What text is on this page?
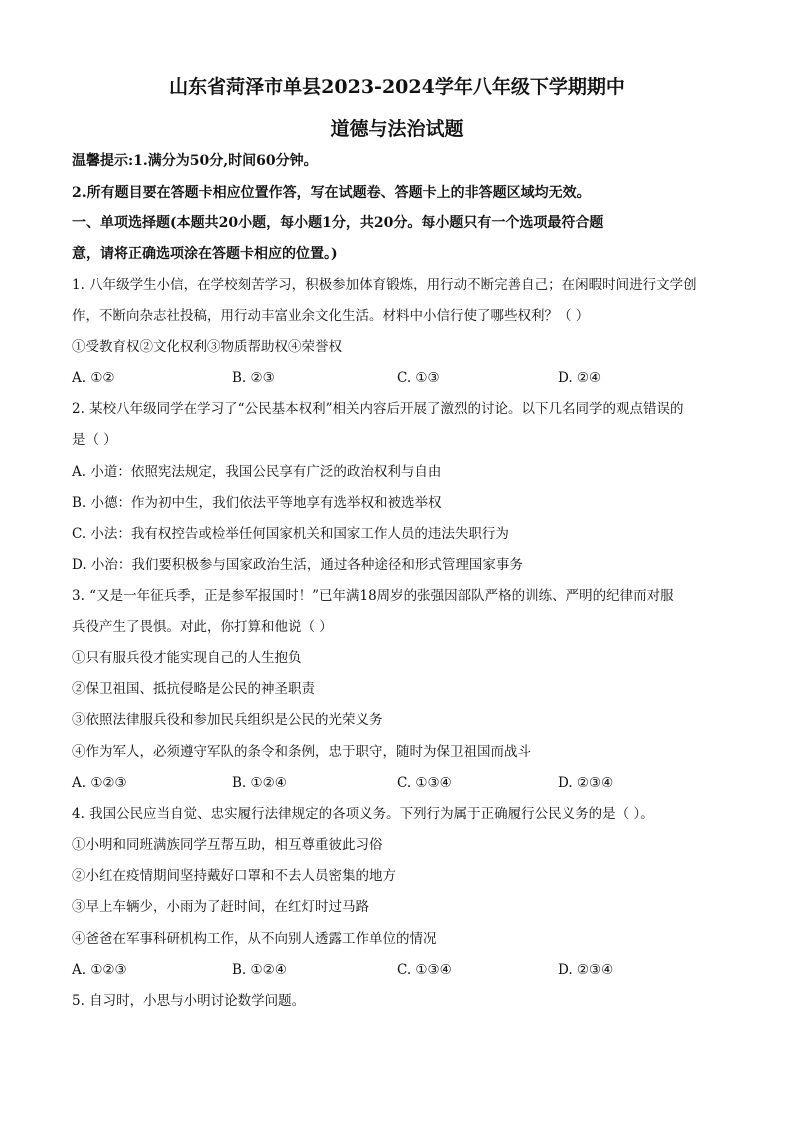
山东省菏泽市单县2023-2024学年八年级下学期期中
道德与法治试题
温馨提示:1.满分为50分,时间60分钟。
2.所有题目要在答题卡相应位置作答，写在试题卷、答题卡上的非答题区域均无效。
一、单项选择题(本题共20小题，每小题1分，共20分。每小题只有一个选项最符合题
意，请将正确选项涂在答题卡相应的位置。)
1. 八年级学生小信，在学校刻苦学习，积极参加体育锻炼，用行动不断完善自己；在闲暇时间进行文学创
作，不断向杂志社投稿，用行动丰富业余文化生活。材料中小信行使了哪些权利？（ ）
①受教育权②文化权利③物质帮助权④荣誉权
A. ①②	B. ②③	C. ①③	D. ②④
2. 某校八年级同学在学习了“公民基本权利”相关内容后开展了激烈的讨论。以下几名同学的观点错误的
是（ ）
A. 小道：依照宪法规定，我国公民享有广泛的政治权利与自由
B. 小德：作为初中生，我们依法平等地享有选举权和被选举权
C. 小法：我有权控告或检举任何国家机关和国家工作人员的违法失职行为
D. 小治：我们要积极参与国家政治生活，通过各种途径和形式管理国家事务
3. “又是一年征兵季，正是参军报国时！”已年满18周岁的张强因部队严格的训练、严明的纪律而对服
兵役产生了畏惧。对此，你打算和他说（ ）
①只有服兵役才能实现自己的人生抱负
②保卫祖国、抵抗侵略是公民的神圣职责
③依照法律服兵役和参加民兵组织是公民的光荣义务
④作为军人，必须遵守军队的条令和条例，忠于职守，随时为保卫祖国而战斗
A. ①②③	B. ①②④	C. ①③④	D. ②③④
4. 我国公民应当自觉、忠实履行法律规定的各项义务。下列行为属于正确履行公民义务的是（ ）。
①小明和同班满族同学互帮互助，相互尊重彼此习俗
②小红在疫情期间坚持戴好口罩和不去人员密集的地方
③早上车辆少，小雨为了赶时间，在红灯时过马路
④爸爸在军事科研机构工作，从不向别人透露工作单位的情况
A. ①②③	B. ①②④	C. ①③④	D. ②③④
5. 自习时，小思与小明讨论数学问题。
